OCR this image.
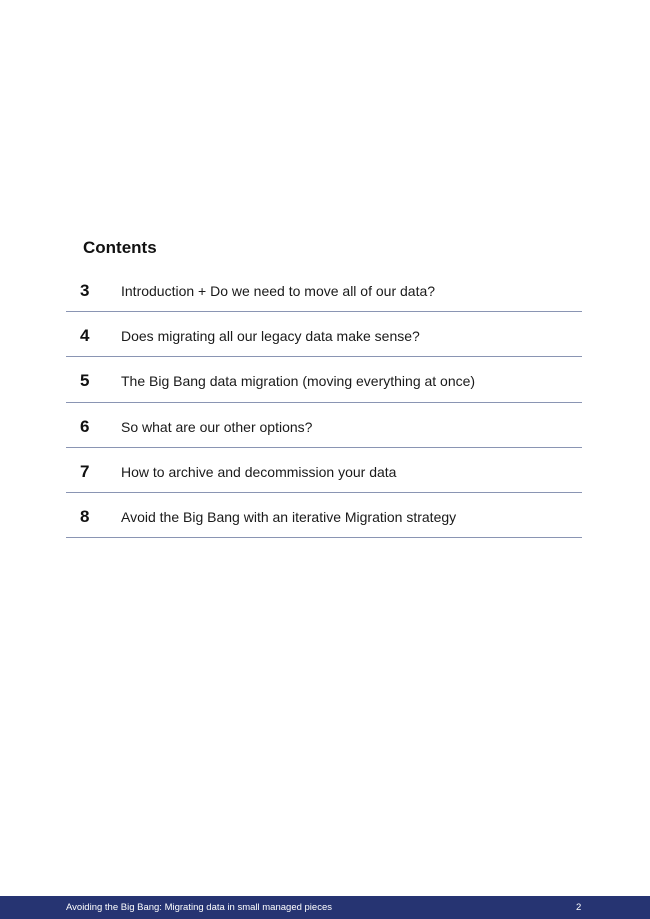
Contents
3 Introduction + Do we need to move all of our data?
4 Does migrating all our legacy data make sense?
5 The Big Bang data migration (moving everything at once)
6 So what are our other options?
7 How to archive and decommission your data
8 Avoid the Big Bang with an iterative Migration strategy
Avoiding the Big Bang: Migrating data in small managed pieces	2
